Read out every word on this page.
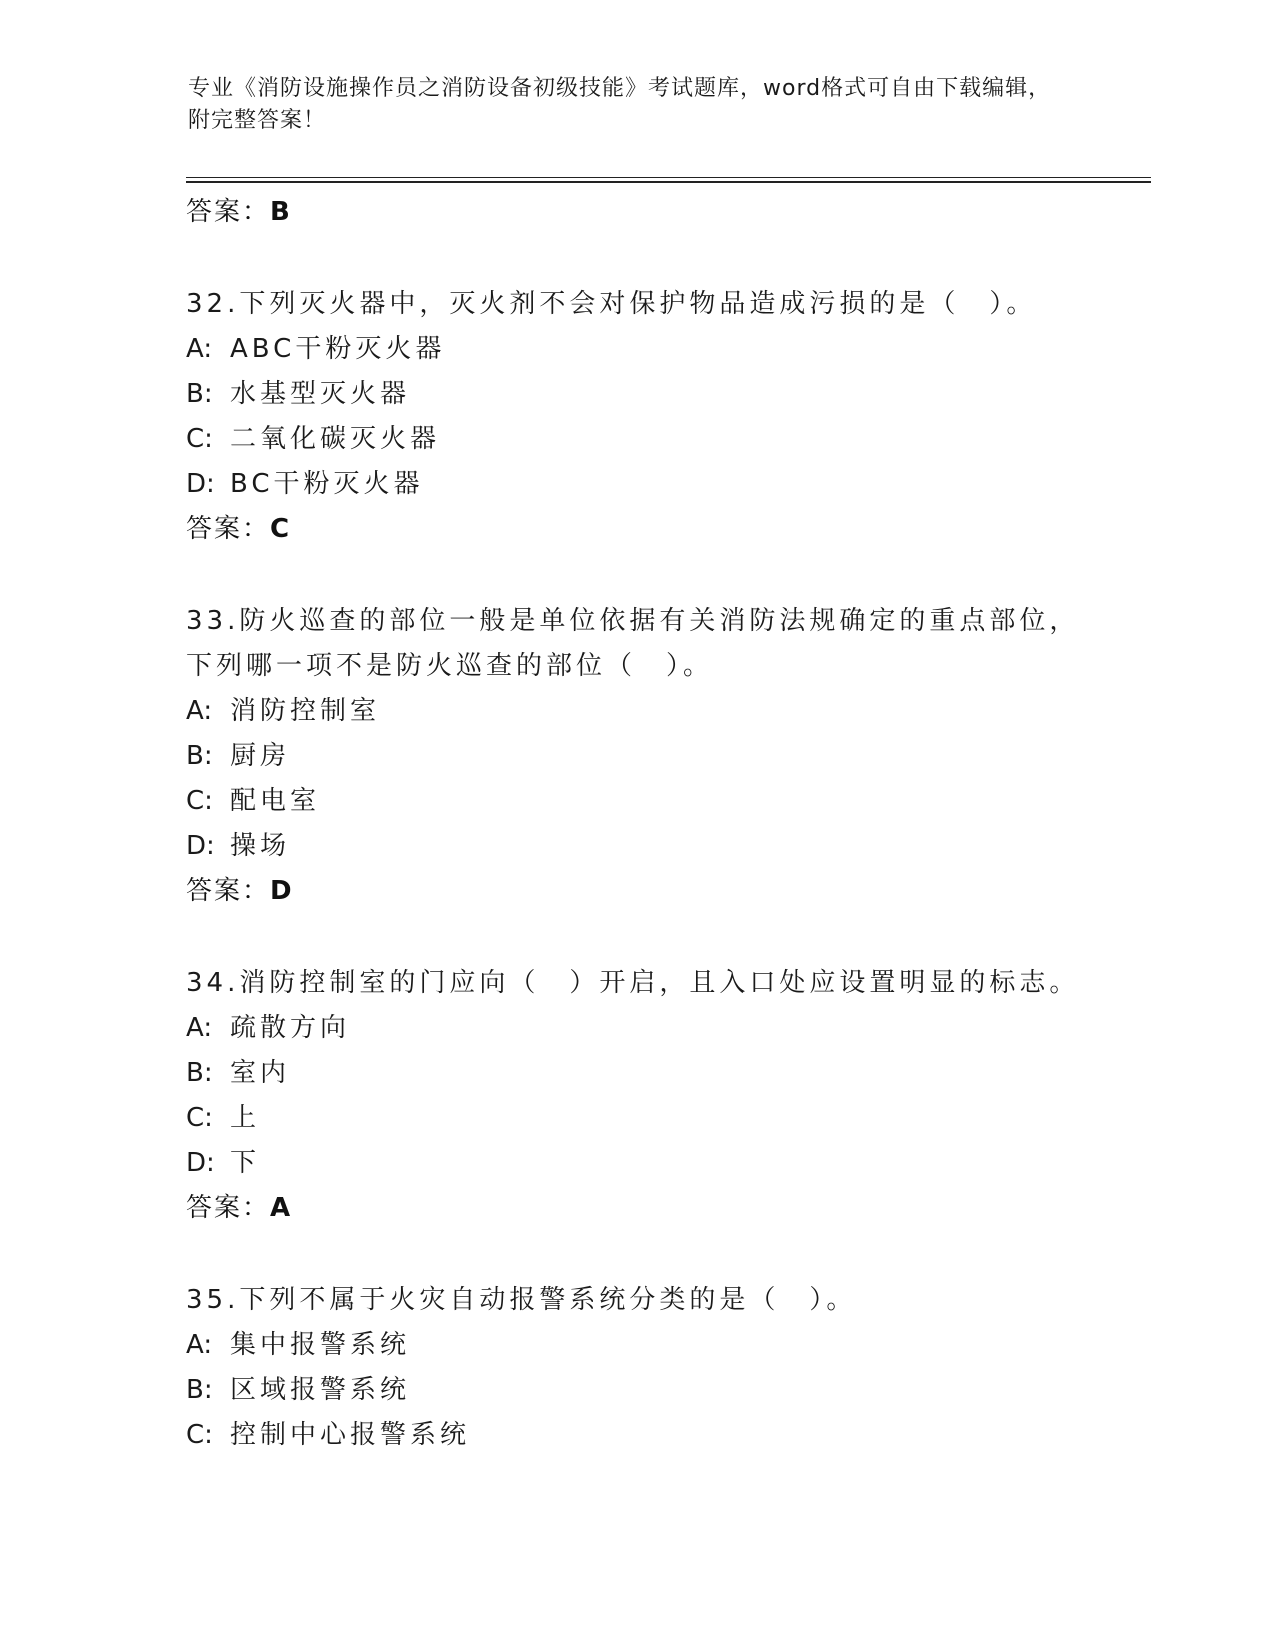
专业《消防设施操作员之消防设备初级技能》考试题库，word格式可自由下载编辑，附完整答案！
答案：B
32.下列灭火器中，灭火剂不会对保护物品造成污损的是（　）。
A: ABC干粉灭火器
B: 水基型灭火器
C: 二氧化碳灭火器
D: BC干粉灭火器
答案：C
33.防火巡查的部位一般是单位依据有关消防法规确定的重点部位，下列哪一项不是防火巡查的部位（　）。
A: 消防控制室
B: 厨房
C: 配电室
D: 操场
答案：D
34.消防控制室的门应向（　）开启，且入口处应设置明显的标志。
A: 疏散方向
B: 室内
C: 上
D: 下
答案：A
35.下列不属于火灾自动报警系统分类的是（　）。
A: 集中报警系统
B: 区域报警系统
C: 控制中心报警系统
